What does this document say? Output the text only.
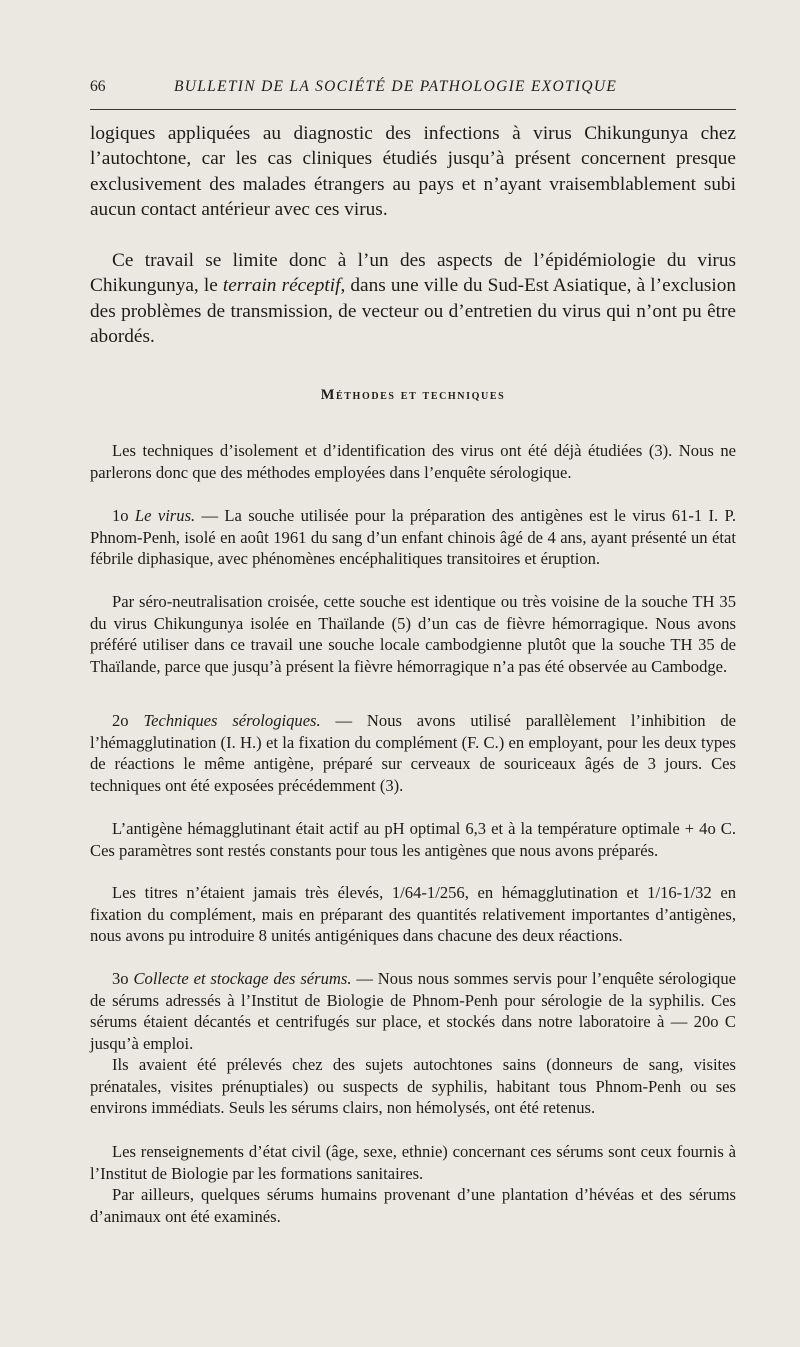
66	BULLETIN DE LA SOCIÉTÉ DE PATHOLOGIE EXOTIQUE

logiques appliquées au diagnostic des infections à virus Chikungunya chez l’autochtone, car les cas cliniques étudiés jusqu’à présent concernent presque exclusivement des malades étrangers au pays et n’ayant vraisemblablement subi aucun contact antérieur avec ces virus.

Ce travail se limite donc à l’un des aspects de l’épidémiologie du virus Chikungunya, le terrain réceptif, dans une ville du Sud-Est Asiatique, à l’exclusion des problèmes de transmission, de vecteur ou d’entretien du virus qui n’ont pu être abordés.

Méthodes et techniques

Les techniques d’isolement et d’identification des virus ont été déjà étudiées (3). Nous ne parlerons donc que des méthodes employées dans l’enquête sérologique.

1o Le virus. — La souche utilisée pour la préparation des antigènes est le virus 61-1 I. P. Phnom-Penh, isolé en août 1961 du sang d’un enfant chinois âgé de 4 ans, ayant présenté un état fébrile diphasique, avec phénomènes encéphalitiques transitoires et éruption.

Par séro-neutralisation croisée, cette souche est identique ou très voisine de la souche TH 35 du virus Chikungunya isolée en Thaïlande (5) d’un cas de fièvre hémorragique. Nous avons préféré utiliser dans ce travail une souche locale cambodgienne plutôt que la souche TH 35 de Thaïlande, parce que jusqu’à présent la fièvre hémorragique n’a pas été observée au Cambodge.

2o Techniques sérologiques. — Nous avons utilisé parallèlement l’inhibition de l’hémagglutination (I. H.) et la fixation du complément (F. C.) en employant, pour les deux types de réactions le même antigène, préparé sur cerveaux de souriceaux âgés de 3 jours. Ces techniques ont été exposées précédemment (3).

L’antigène hémagglutinant était actif au pH optimal 6,3 et à la température optimale + 4o C. Ces paramètres sont restés constants pour tous les antigènes que nous avons préparés.

Les titres n’étaient jamais très élevés, 1/64-1/256, en hémagglutination et 1/16-1/32 en fixation du complément, mais en préparant des quantités relativement importantes d’antigènes, nous avons pu introduire 8 unités antigéniques dans chacune des deux réactions.

3o Collecte et stockage des sérums. — Nous nous sommes servis pour l’enquête sérologique de sérums adressés à l’Institut de Biologie de Phnom-Penh pour sérologie de la syphilis. Ces sérums étaient décantés et centrifugés sur place, et stockés dans notre laboratoire à — 20o C jusqu’à emploi.

Ils avaient été prélevés chez des sujets autochtones sains (donneurs de sang, visites prénatales, visites prénuptiales) ou suspects de syphilis, habitant tous Phnom-Penh ou ses environs immédiats. Seuls les sérums clairs, non hémolysés, ont été retenus.

Les renseignements d’état civil (âge, sexe, ethnie) concernant ces sérums sont ceux fournis à l’Institut de Biologie par les formations sanitaires.

Par ailleurs, quelques sérums humains provenant d’une plantation d’hévéas et des sérums d’animaux ont été examinés.
